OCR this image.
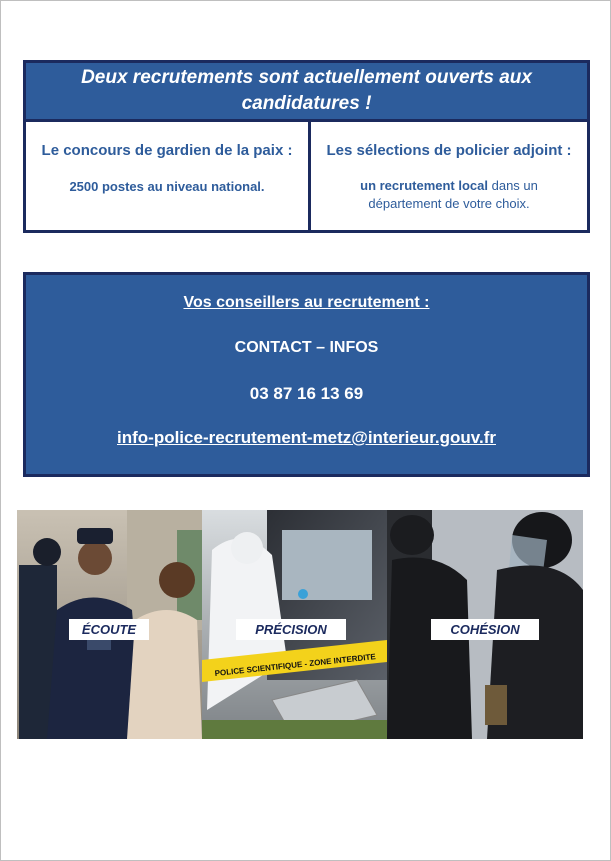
Deux recrutements sont actuellement ouverts aux candidatures !
Le concours de gardien de la paix :
2500 postes au niveau national.
Les sélections de policier adjoint :
un recrutement local dans un département de votre choix.
Vos conseillers au recrutement :
CONTACT – INFOS
03 87 16 13 69
info-police-recrutement-metz@interieur.gouv.fr
POLICE SCIENTIFIQUE - ZONE INTERDITE
ÉCOUTE	PRÉCISION	COHÉSION
